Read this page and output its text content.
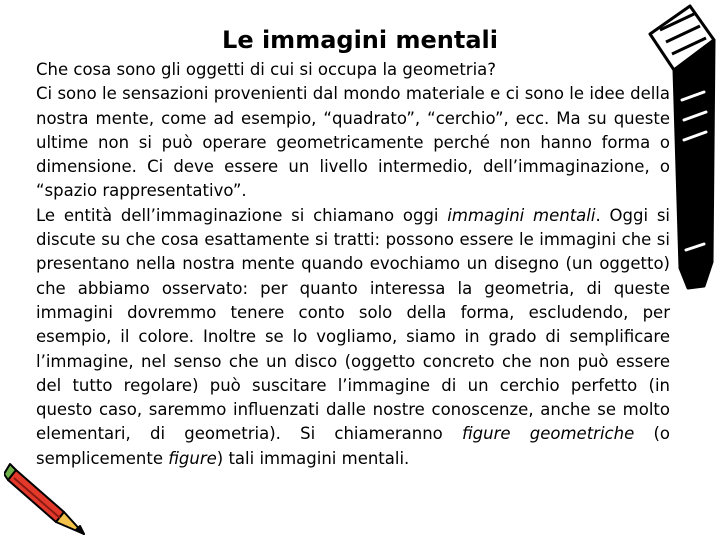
Le immagini mentali

Che cosa sono gli oggetti di cui si occupa la geometria?

Ci sono le sensazioni provenienti dal mondo materiale e ci sono le idee della nostra mente, come ad esempio, “quadrato”, “cerchio”, ecc. Ma su queste ultime non si può operare geometricamente perché non hanno forma o dimensione. Ci deve essere un livello intermedio, dell’immaginazione, o “spazio rappresentativo”.

Le entità dell’immaginazione si chiamano oggi immagini mentali. Oggi si discute su che cosa esattamente si tratti: possono essere le immagini che si presentano nella nostra mente quando evochiamo un disegno (un oggetto) che abbiamo osservato: per quanto interessa la geometria, di queste immagini dovremmo tenere conto solo della forma, escludendo, per esempio, il colore. Inoltre se lo vogliamo, siamo in grado di semplificare l’immagine, nel senso che un disco (oggetto concreto che non può essere del tutto regolare) può suscitare l’immagine di un cerchio perfetto (in questo caso, saremmo influenzati dalle nostre conoscenze, anche se molto elementari, di geometria). Si chiameranno figure geometriche (o semplicemente figure) tali immagini mentali.
